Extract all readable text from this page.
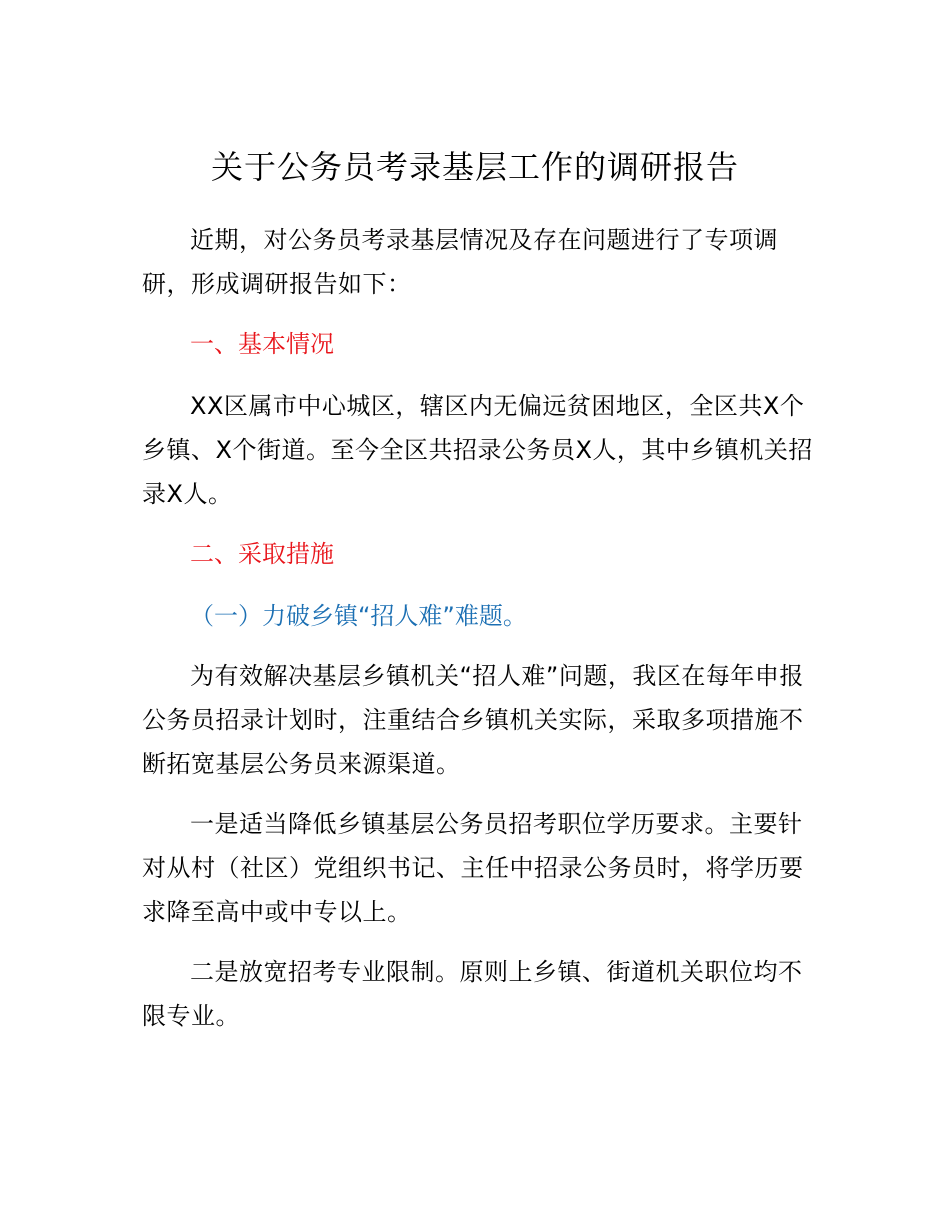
关于公务员考录基层工作的调研报告

近期，对公务员考录基层情况及存在问题进行了专项调研，形成调研报告如下：

一、基本情况

XX区属市中心城区，辖区内无偏远贫困地区，全区共X个乡镇、X个街道。至今全区共招录公务员X人，其中乡镇机关招录X人。

二、采取措施
（一）力破乡镇“招人难”难题。

为有效解决基层乡镇机关“招人难”问题，我区在每年申报公务员招录计划时，注重结合乡镇机关实际，采取多项措施不断拓宽基层公务员来源渠道。

一是适当降低乡镇基层公务员招考职位学历要求。主要针对从村（社区）党组织书记、主任中招录公务员时，将学历要求降至高中或中专以上。

二是放宽招考专业限制。原则上乡镇、街道机关职位均不限专业。
